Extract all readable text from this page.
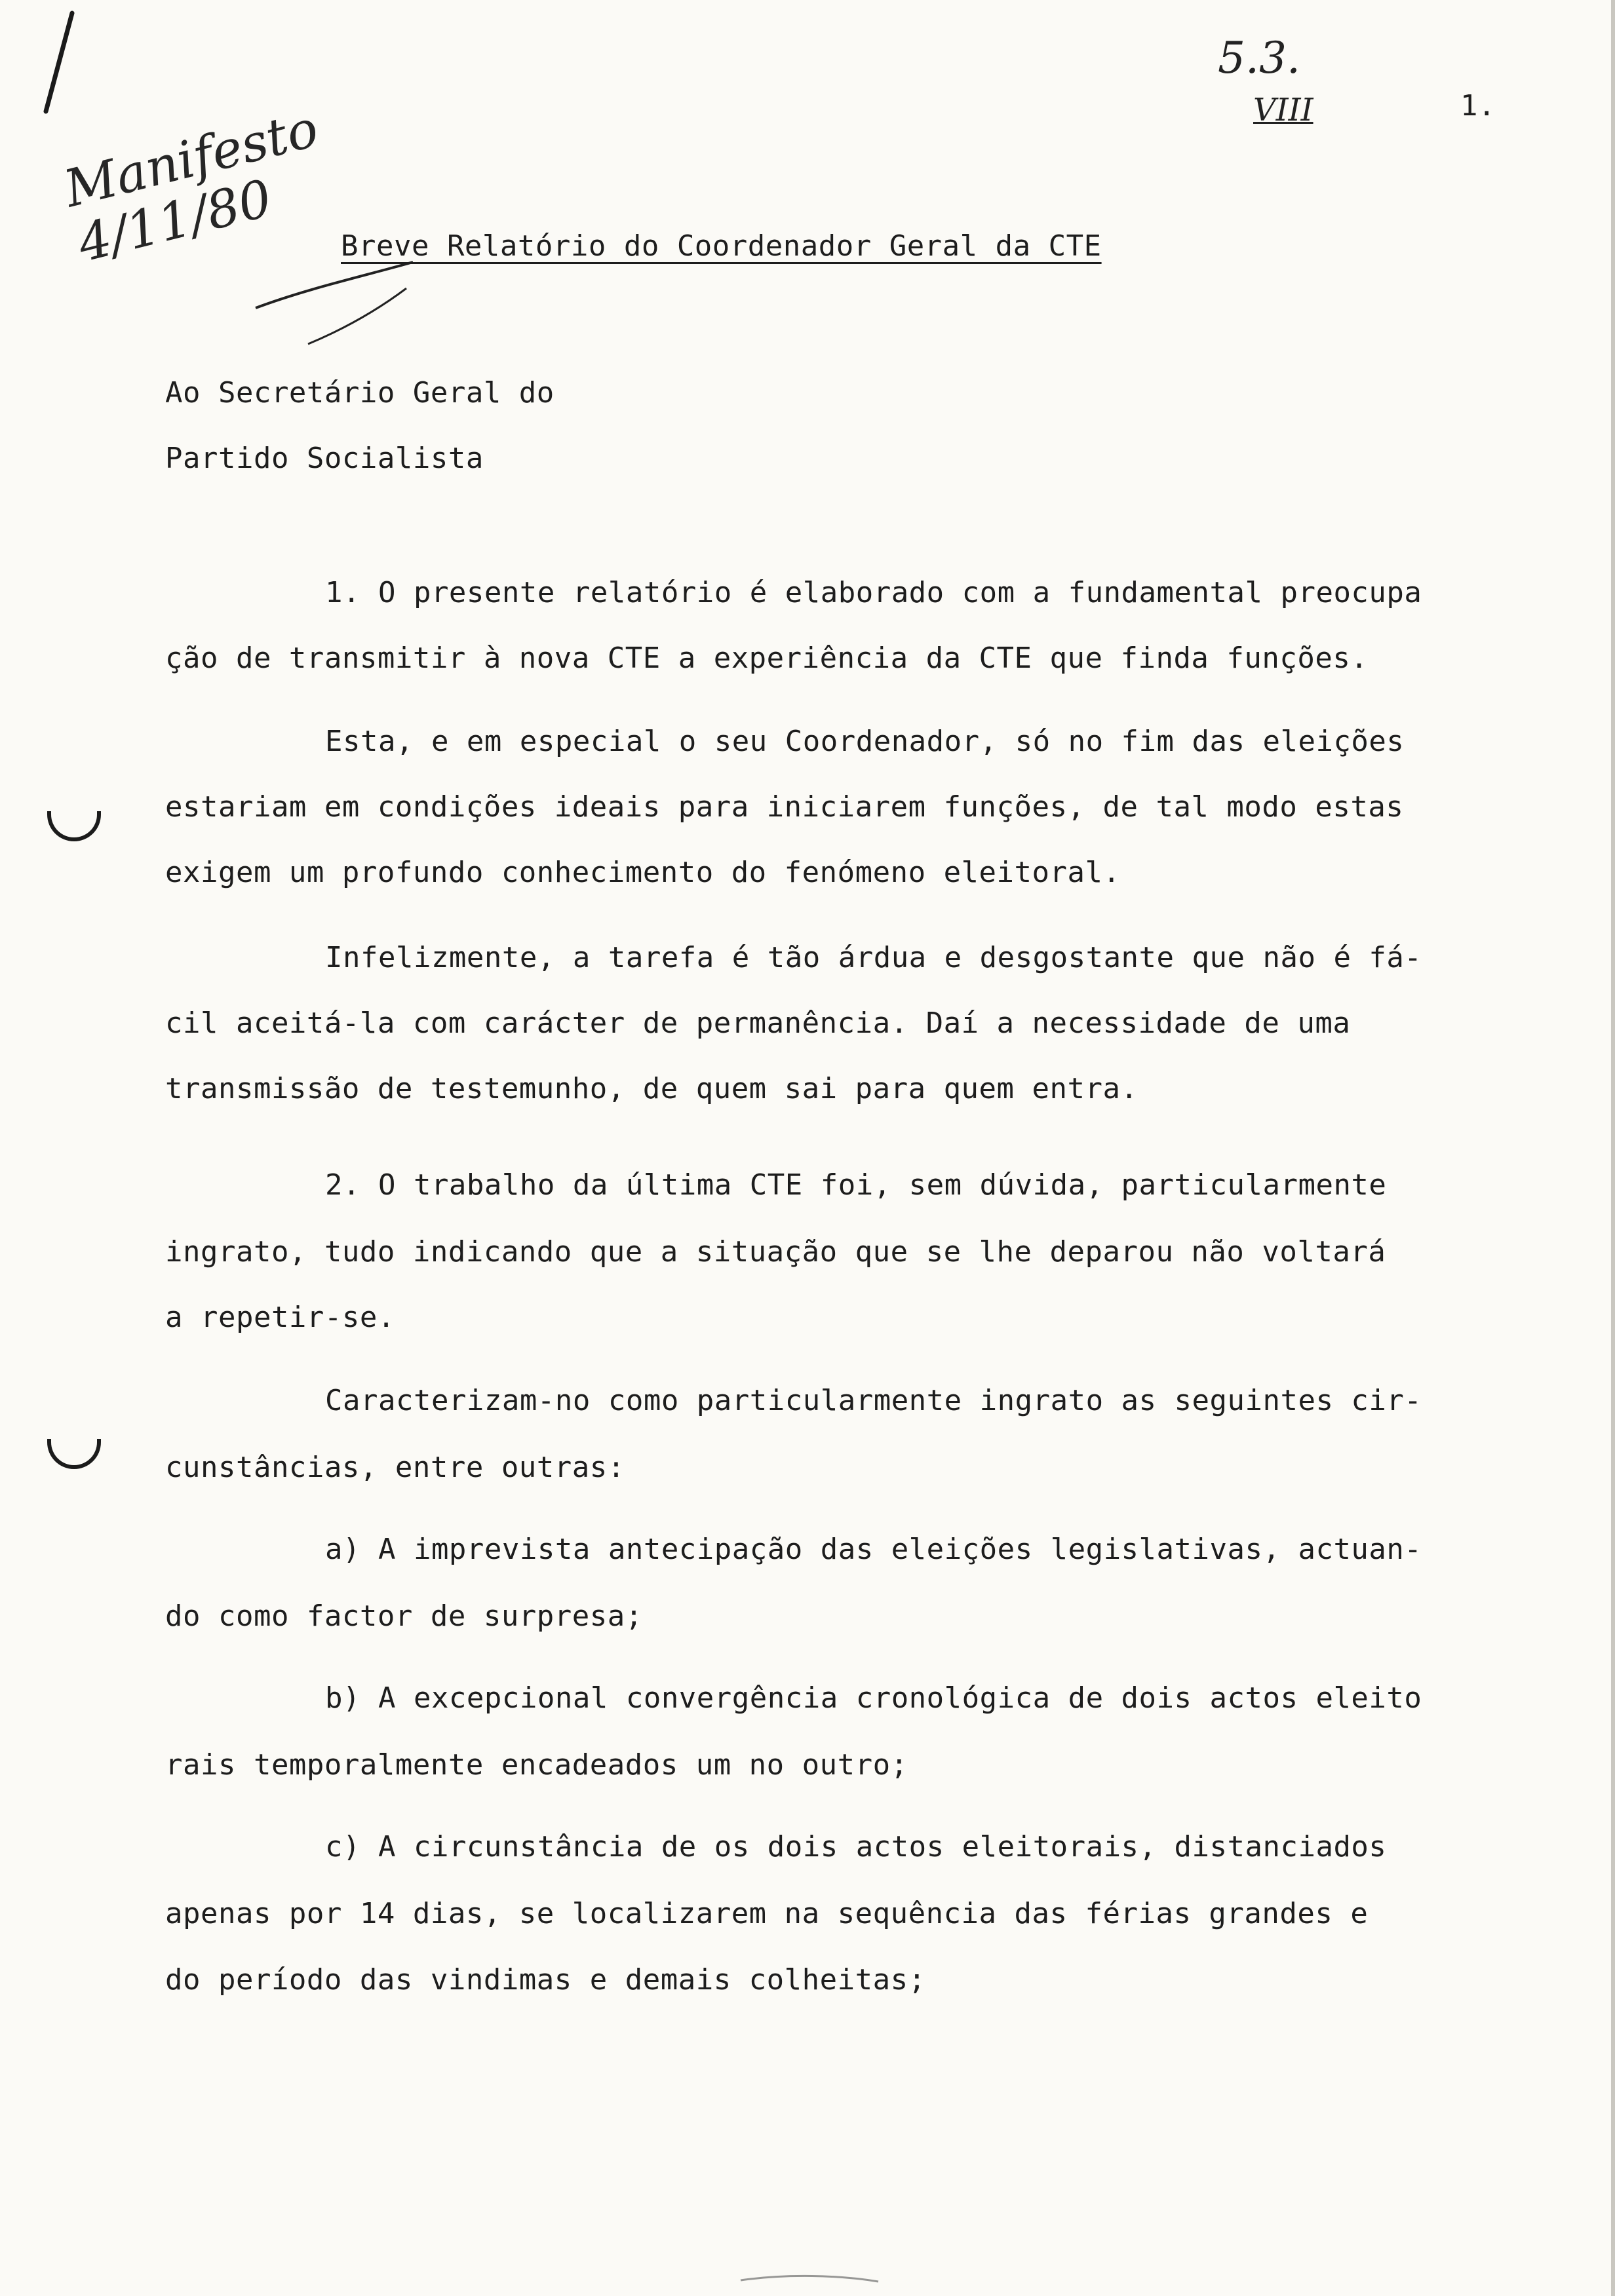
5.3.
VIII	1.
Manifesto 4/11/80	Breve Relatório do Coordenador Geral da CTE
Ao Secretário Geral do
Partido Socialista
1. O presente relatório é elaborado com a fundamental preocupa
ção de transmitir à nova CTE a experiência da CTE que finda funções.
Esta, e em especial o seu Coordenador, só no fim das eleições
estariam em condições ideais para iniciarem funções, de tal modo estas
exigem um profundo conhecimento do fenómeno eleitoral.
Infelizmente, a tarefa é tão árdua e desgostante que não é fá-
cil aceitá-la com carácter de permanência. Daí a necessidade de uma
transmissão de testemunho, de quem sai para quem entra.
2. O trabalho da última CTE foi, sem dúvida, particularmente
ingrato, tudo indicando que a situação que se lhe deparou não voltará
a repetir-se.
Caracterizam-no como particularmente ingrato as seguintes cir-
cunstâncias, entre outras:
a) A imprevista antecipação das eleições legislativas, actuan-
do como factor de surpresa;
b) A excepcional convergência cronológica de dois actos eleito
rais temporalmente encadeados um no outro;
c) A circunstância de os dois actos eleitorais, distanciados
apenas por 14 dias, se localizarem na sequência das férias grandes e
do período das vindimas e demais colheitas;
